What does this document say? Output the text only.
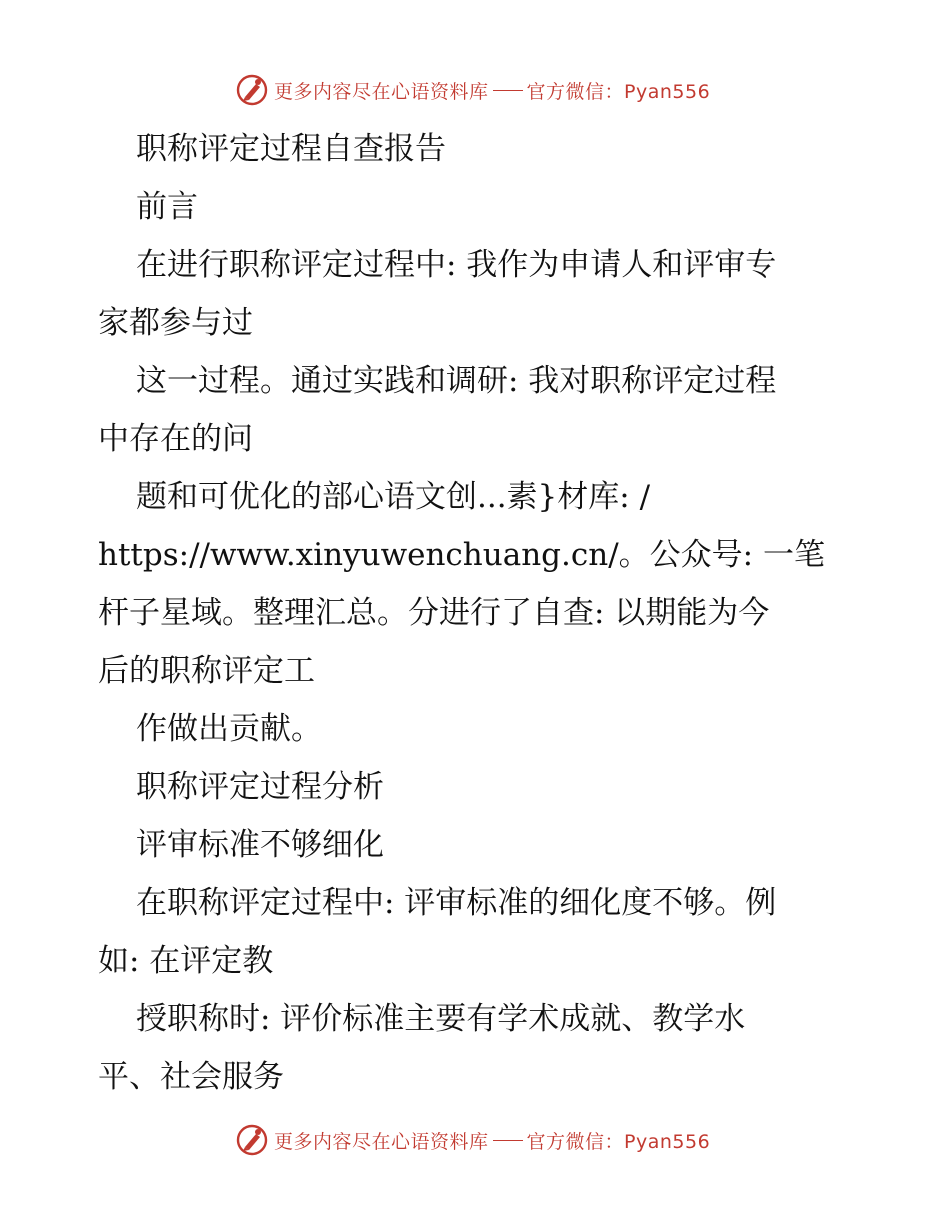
更多内容尽在心语资料库 官方微信：Pyan556
职称评定过程自查报告
前言
在进行职称评定过程中: 我作为申请人和评审专
家都参与过
这一过程。通过实践和调研: 我对职称评定过程
中存在的问
题和可优化的部心语文创...素}材库: /
https://www.xinyuwenchuang.cn/。公众号: 一笔
杆子星域。整理汇总。分进行了自查: 以期能为今
后的职称评定工
作做出贡献。
职称评定过程分析
评审标准不够细化
在职称评定过程中: 评审标准的细化度不够。例
如: 在评定教
授职称时: 评价标准主要有学术成就、教学水
平、社会服务
更多内容尽在心语资料库 官方微信：Pyan556
